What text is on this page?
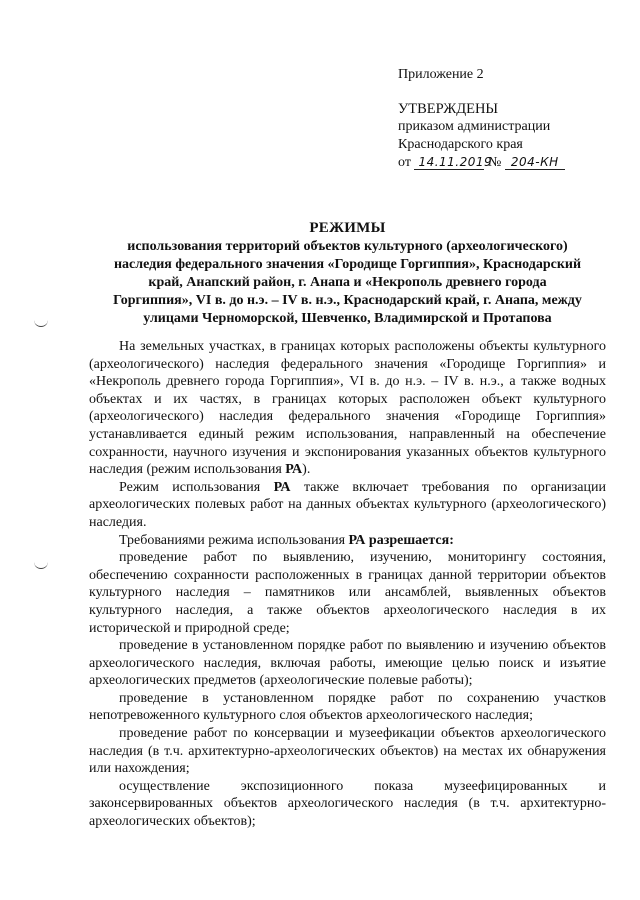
Приложение 2
УТВЕРЖДЕНЫ
приказом администрации
Краснодарского края
от 14.11.2019 № 204-КН
РЕЖИМЫ
использования территорий объектов культурного (археологического)
наследия федерального значения «Городище Горгиппия», Краснодарский
край, Анапский район, г. Анапа и «Некрополь древнего города
Горгиппия», VI в. до н.э. – IV в. н.э., Краснодарский край, г. Анапа, между
улицами Черноморской, Шевченко, Владимирской и Протапова

На земельных участках, в границах которых расположены объекты культурного (археологического) наследия федерального значения «Городище Горгиппия» и «Некрополь древнего города Горгиппия», VI в. до н.э. – IV в. н.э., а также водных объектах и их частях, в границах которых расположен объект культурного (археологического) наследия федерального значения «Городище Горгиппия» устанавливается единый режим использования, направленный на обеспечение сохранности, научного изучения и экспонирования указанных объектов культурного наследия (режим использования РА).

Режим использования РА также включает требования по организации археологических полевых работ на данных объектах культурного (археологического) наследия.

Требованиями режима использования РА разрешается:

проведение работ по выявлению, изучению, мониторингу состояния, обеспечению сохранности расположенных в границах данной территории объектов культурного наследия – памятников или ансамблей, выявленных объектов культурного наследия, а также объектов археологического наследия в их исторической и природной среде;

проведение в установленном порядке работ по выявлению и изучению объектов археологического наследия, включая работы, имеющие целью поиск и изъятие археологических предметов (археологические полевые работы);

проведение в установленном порядке работ по сохранению участков непотревоженного культурного слоя объектов археологического наследия;

проведение работ по консервации и музеефикации объектов археологического наследия (в т.ч. архитектурно-археологических объектов) на местах их обнаружения или нахождения;

осуществление экспозиционного показа музеефицированных и законсервированных объектов археологического наследия (в т.ч. архитектурно-археологических объектов);
